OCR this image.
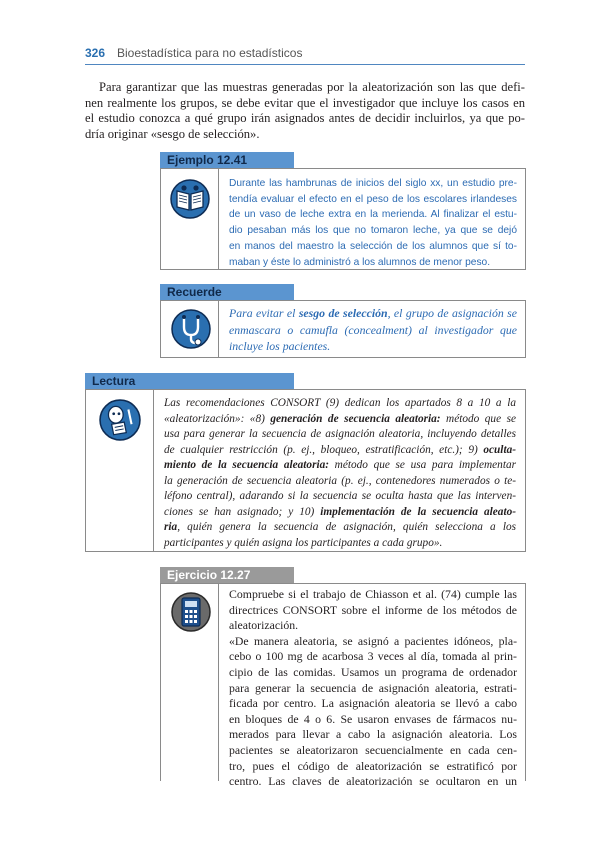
326 Bioestadística para no estadísticos
Para garantizar que las muestras generadas por la aleatorización son las que defi-
nen realmente los grupos, se debe evitar que el investigador que incluye los casos en
el estudio conozca a qué grupo irán asignados antes de decidir incluirlos, ya que po-
dría originar «sesgo de selección».
Ejemplo 12.41
Durante las hambrunas de inicios del siglo xx, un estudio pre-
tendía evaluar el efecto en el peso de los escolares irlandeses
de un vaso de leche extra en la merienda. Al finalizar el estu-
dio pesaban más los que no tomaron leche, ya que se dejó
en manos del maestro la selección de los alumnos que sí to-
maban y éste lo administró a los alumnos de menor peso.
Recuerde
Para evitar el sesgo de selección, el grupo de asignación se
enmascara o camufla (concealment) al investigador que
incluye los pacientes.
Lectura
Las recomendaciones CONSORT (9) dedican los apartados 8 a 10 a la
«aleatorización»: «8) generación de secuencia aleatoria: método que se
usa para generar la secuencia de asignación aleatoria, incluyendo detalles
de cualquier restricción (p. ej., bloqueo, estratificación, etc.); 9) oculta-
miento de la secuencia aleatoria: método que se usa para implementar
la generación de secuencia aleatoria (p. ej., contenedores numerados o te-
léfono central), adarando si la secuencia se oculta hasta que las interven-
ciones se han asignado; y 10) implementación de la secuencia aleato-
ria, quién genera la secuencia de asignación, quién selecciona a los
participantes y quién asigna los participantes a cada grupo».
Ejercicio 12.27
Compruebe si el trabajo de Chiasson et al. (74) cumple las
directrices CONSORT sobre el informe de los métodos de
aleatorización.
«De manera aleatoria, se asignó a pacientes idóneos, pla-
cebo o 100 mg de acarbosa 3 veces al día, tomada al prin-
cipio de las comidas. Usamos un programa de ordenador
para generar la secuencia de asignación aleatoria, estrati-
ficada por centro. La asignación aleatoria se llevó a cabo
en bloques de 4 o 6. Se usaron envases de fármacos nu-
merados para llevar a cabo la asignación aleatoria. Los
pacientes se aleatorizaron secuencialmente en cada cen-
tro, pues el código de aleatorización se estratificó por
centro. Las claves de aleatorización se ocultaron en un
